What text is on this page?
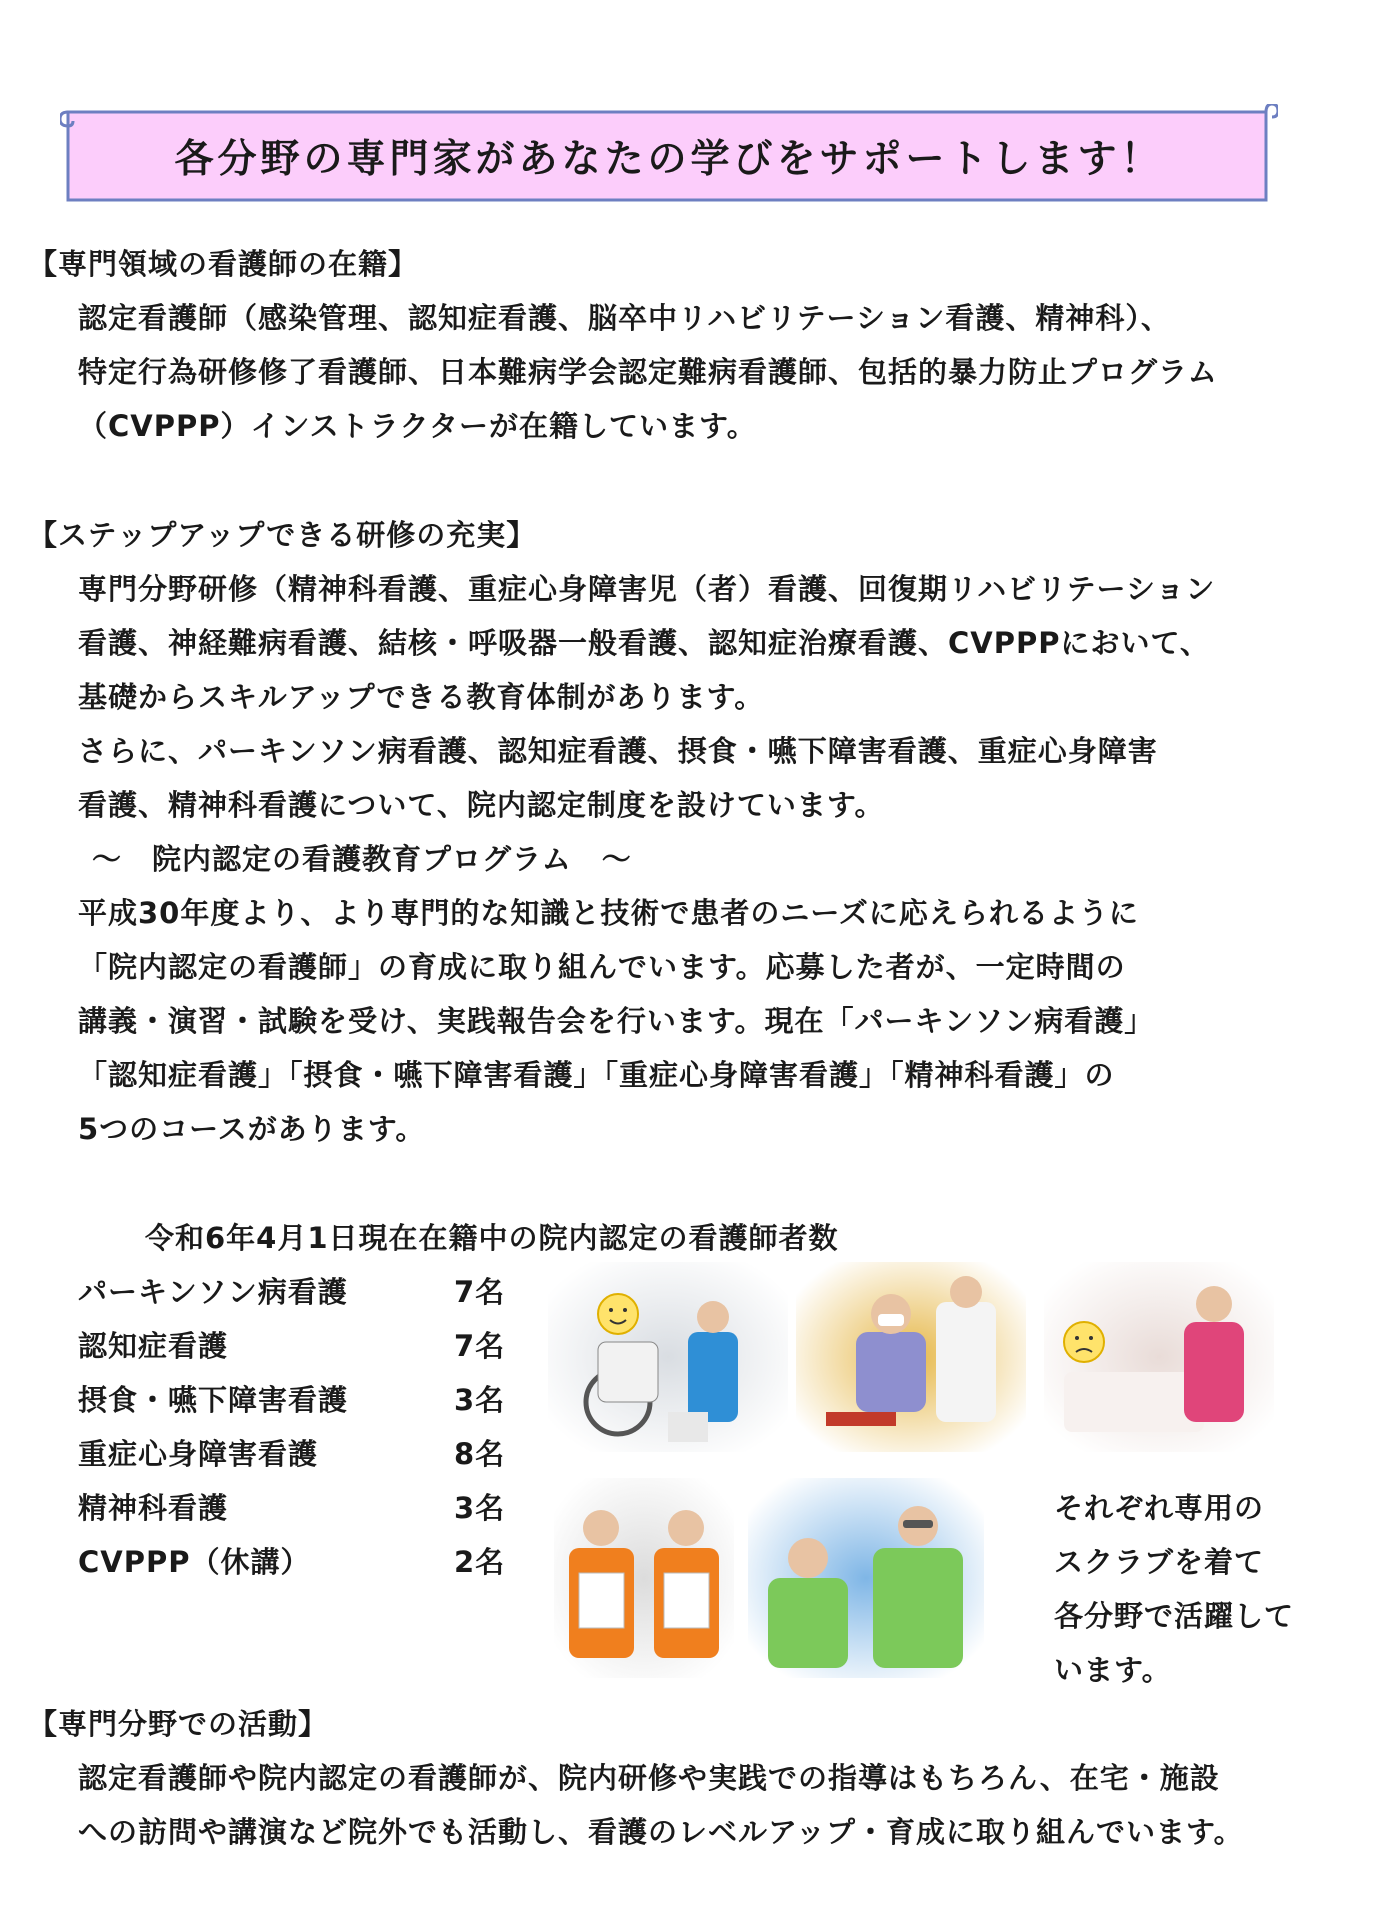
各分野の専門家があなたの学びをサポートします！
【専門領域の看護師の在籍】
認定看護師（感染管理、認知症看護、脳卒中リハビリテーション看護、精神科）、
特定行為研修修了看護師、日本難病学会認定難病看護師、包括的暴力防止プログラム
（CVPPP）インストラクターが在籍しています。
【ステップアップできる研修の充実】
専門分野研修（精神科看護、重症心身障害児（者）看護、回復期リハビリテーション
看護、神経難病看護、結核・呼吸器一般看護、認知症治療看護、CVPPPにおいて、
基礎からスキルアップできる教育体制があります。
さらに、パーキンソン病看護、認知症看護、摂食・嚥下障害看護、重症心身障害
看護、精神科看護について、院内認定制度を設けています。
～　院内認定の看護教育プログラム　～
平成30年度より、より専門的な知識と技術で患者のニーズに応えられるように
「院内認定の看護師」の育成に取り組んでいます。応募した者が、一定時間の
講義・演習・試験を受け、実践報告会を行います。現在「パーキンソン病看護」
「認知症看護」「摂食・嚥下障害看護」「重症心身障害看護」「精神科看護」の
5つのコースがあります。
令和6年4月1日現在在籍中の院内認定の看護師者数
パーキンソン病看護	7名
認知症看護	7名
摂食・嚥下障害看護	3名
重症心身障害看護	8名
精神科看護	3名
CVPPP（休講）	2名
それぞれ専用の
スクラブを着て
各分野で活躍して
います。
【専門分野での活動】
認定看護師や院内認定の看護師が、院内研修や実践での指導はもちろん、在宅・施設
への訪問や講演など院外でも活動し、看護のレベルアップ・育成に取り組んでいます。
